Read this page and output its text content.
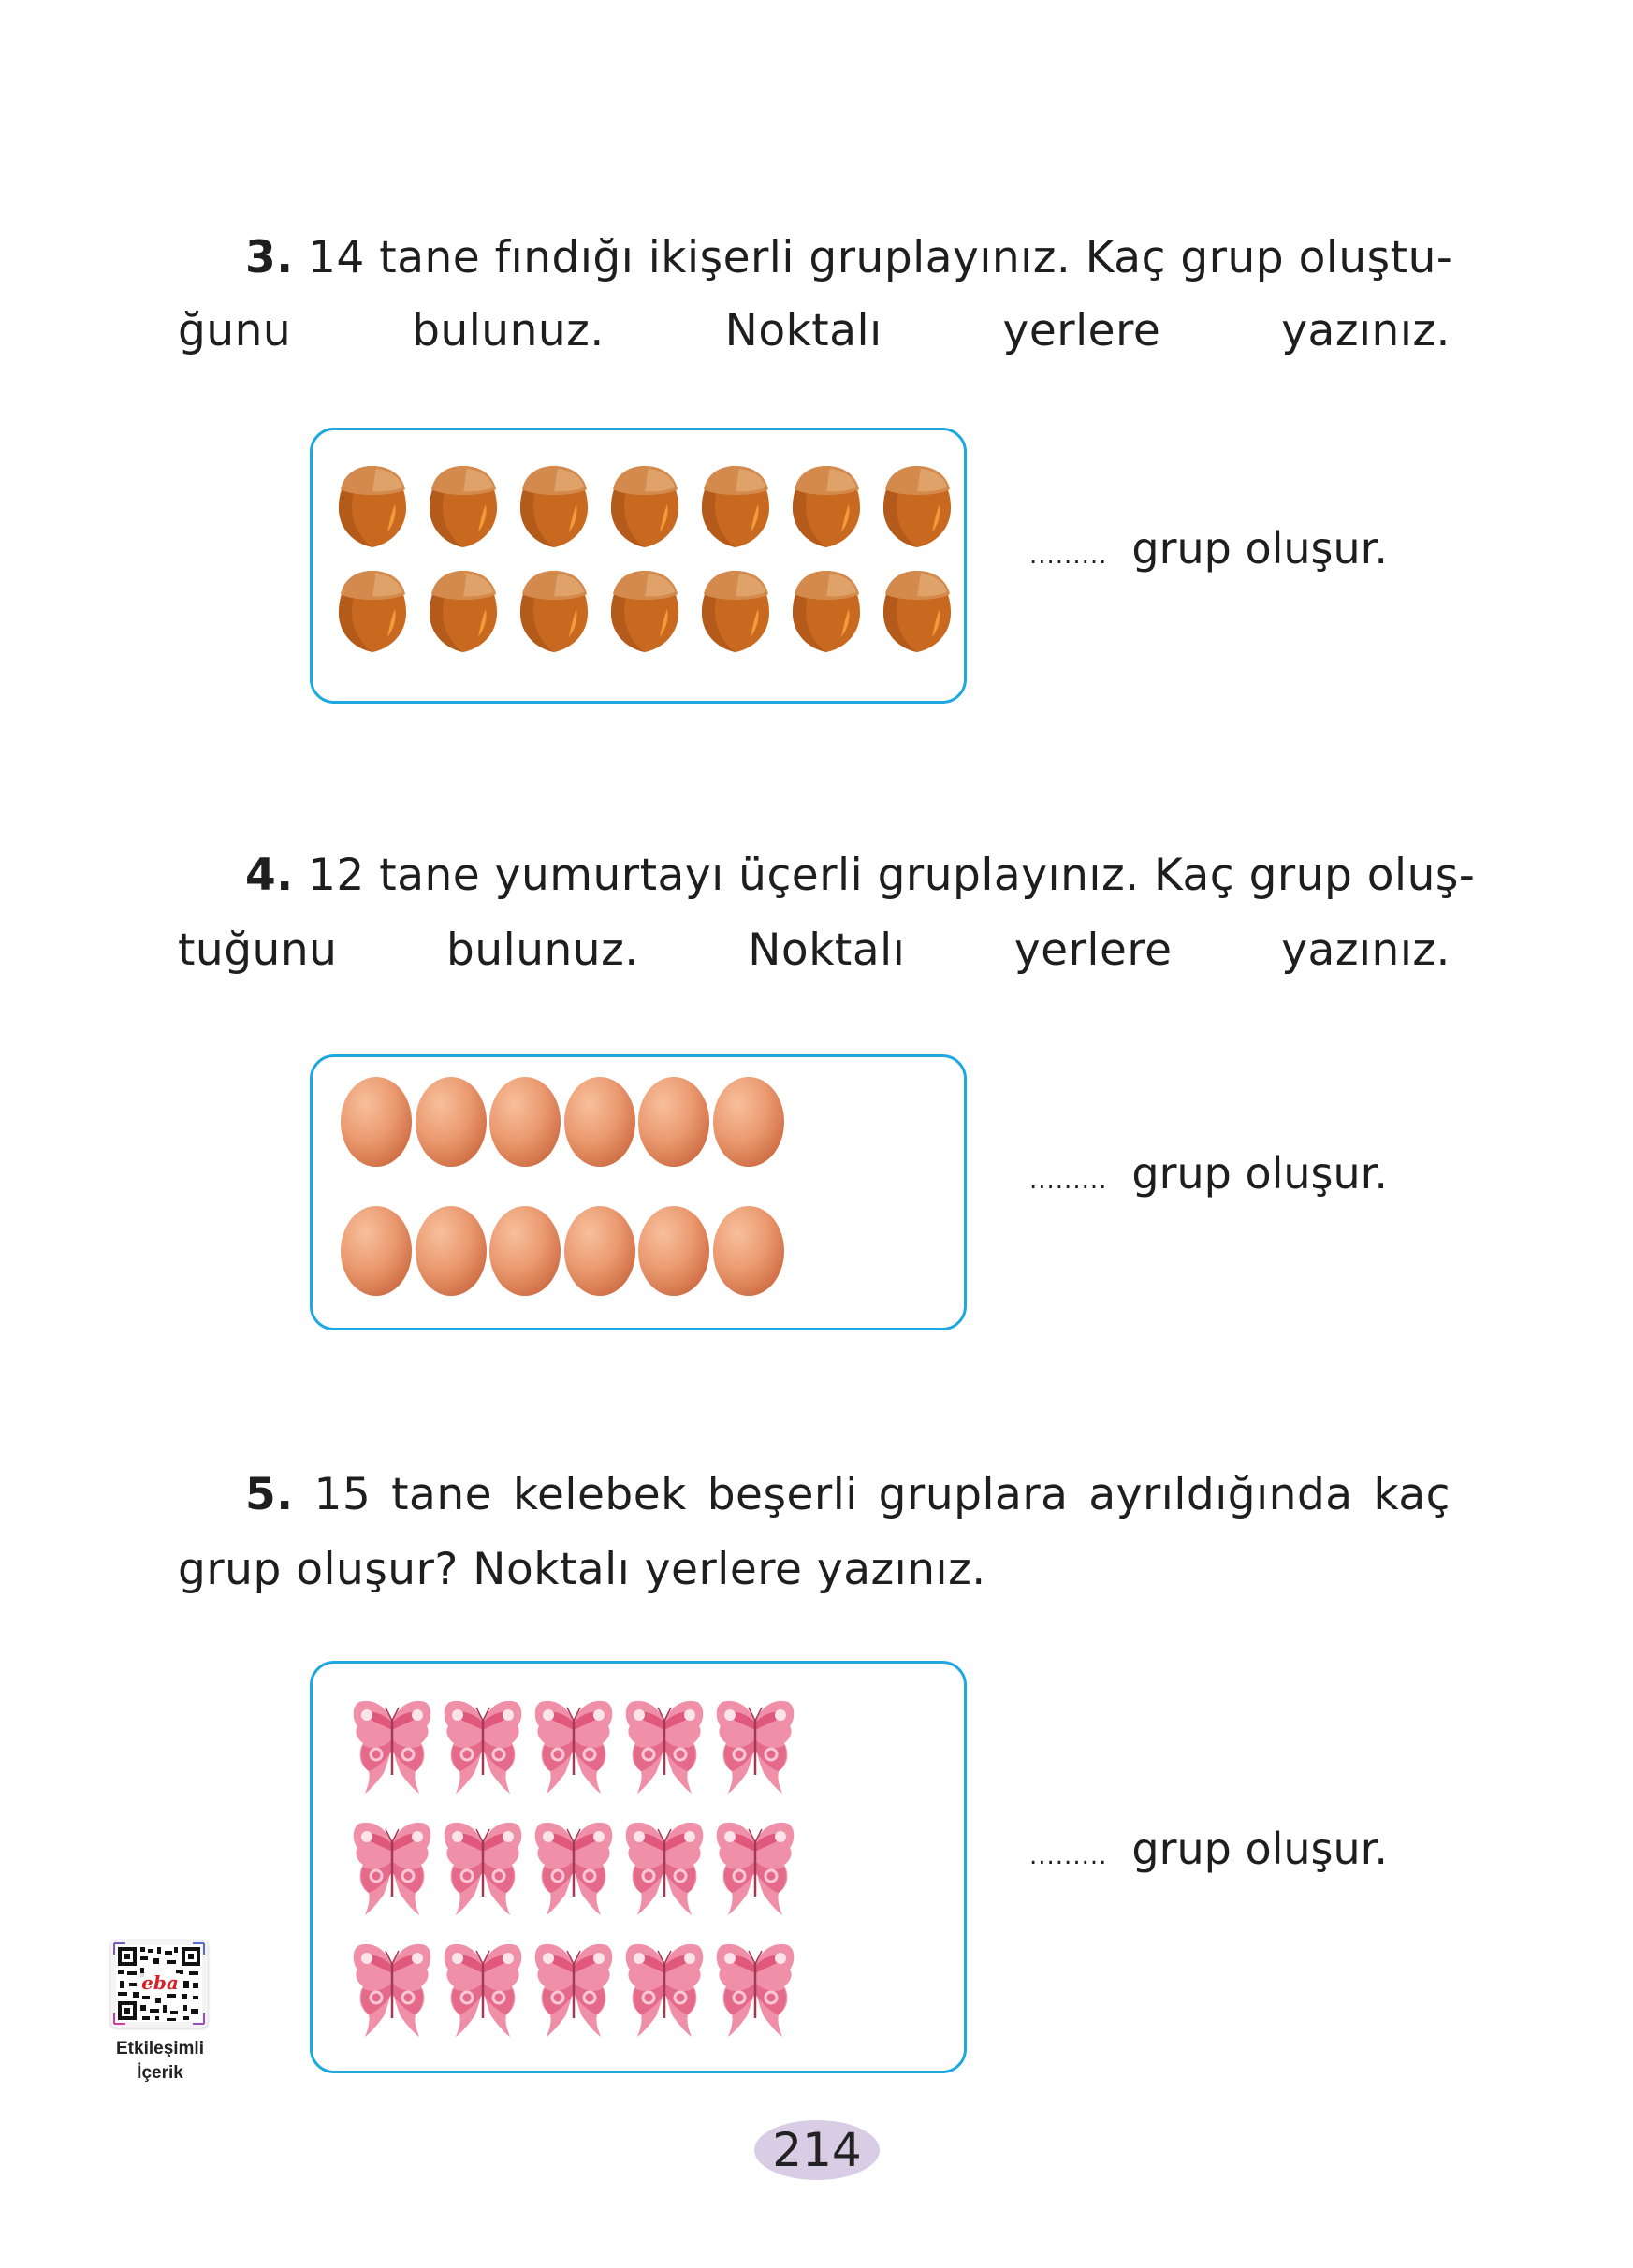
3. 14 tane fındığı ikişerli gruplayınız. Kaç grup oluştu-
ğunu bulunuz. Noktalı yerlere yazınız.
......... grup oluşur.
4. 12 tane yumurtayı üçerli gruplayınız. Kaç grup oluş-
tuğunu bulunuz. Noktalı yerlere yazınız.
......... grup oluşur.
5. 15 tane kelebek beşerli gruplara ayrıldığında kaç
grup oluşur? Noktalı yerlere yazınız.
......... grup oluşur.
eba
Etkileşimli
İçerik
214
